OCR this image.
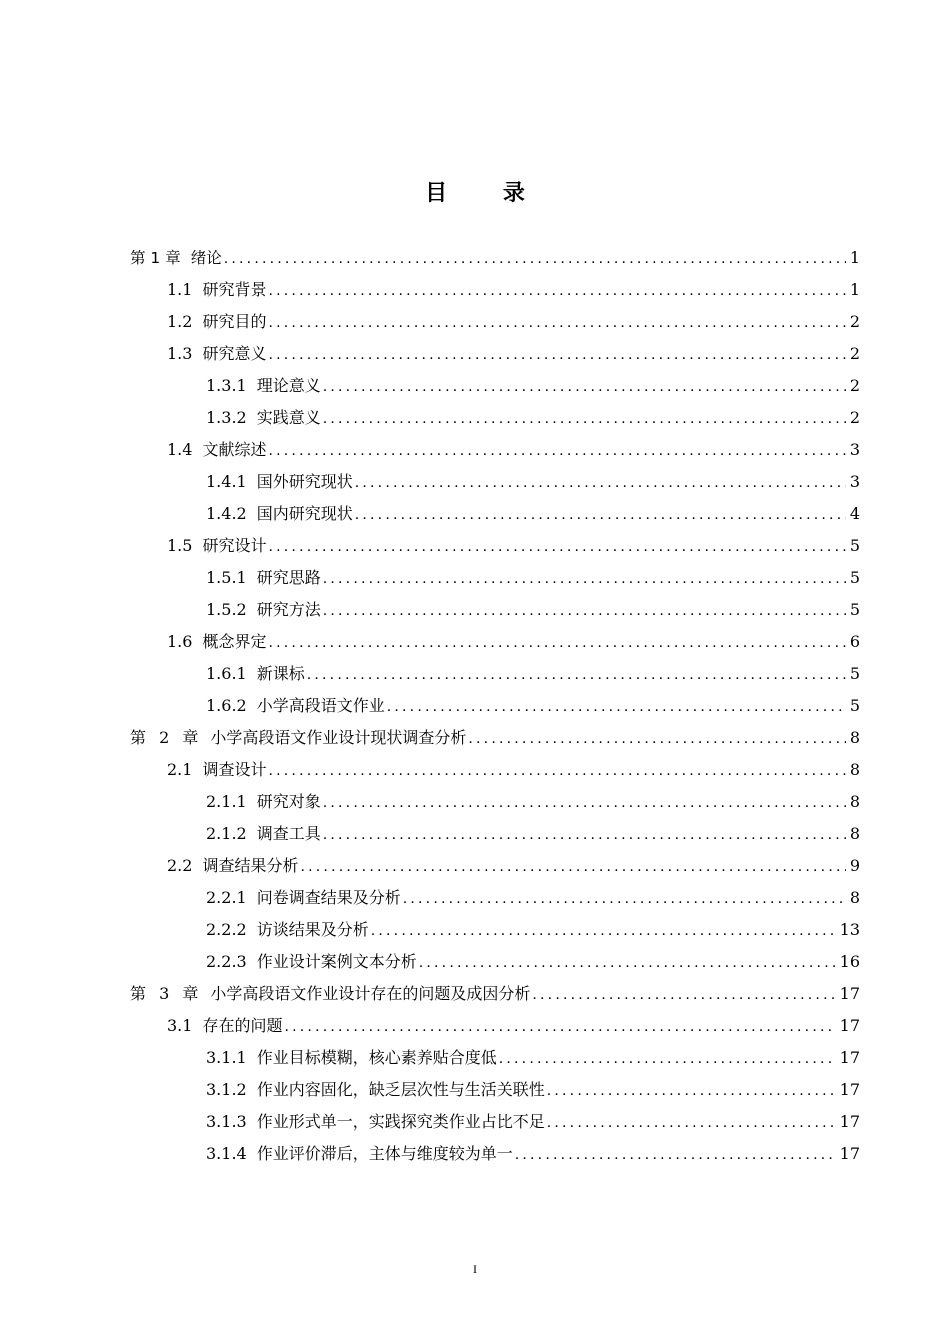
目 录
第 1 章 绪论 .....	1
1.1 研究背景 .....	1
1.2 研究目的 .....	2
1.3 研究意义 .....	2
1.3.1 理论意义 .....	2
1.3.2 实践意义 .....	2
1.4 文献综述 .....	3
1.4.1 国外研究现状 .....	3
1.4.2 国内研究现状 .....	4
1.5 研究设计 .....	5
1.5.1 研究思路 .....	5
1.5.2 研究方法 .....	5
1.6 概念界定 .....	6
1.6.1 新课标 .....	5
1.6.2 小学高段语文作业 .....	5
第 2 章 小学高段语文作业设计现状调查分析 .....	8
2.1 调查设计 .....	8
2.1.1 研究对象 .....	8
2.1.2 调查工具 .....	8
2.2 调查结果分析 .....	9
2.2.1 问卷调查结果及分析 .....	8
2.2.2 访谈结果及分析 .....	13
2.2.3 作业设计案例文本分析 .....	16
第 3 章 小学高段语文作业设计存在的问题及成因分析 .....	17
3.1 存在的问题 .....	17
3.1.1 作业目标模糊，核心素养贴合度低 .....	17
3.1.2 作业内容固化，缺乏层次性与生活关联性 .....	17
3.1.3 作业形式单一，实践探究类作业占比不足 .....	17
3.1.4 作业评价滞后，主体与维度较为单一 .....	17
I
